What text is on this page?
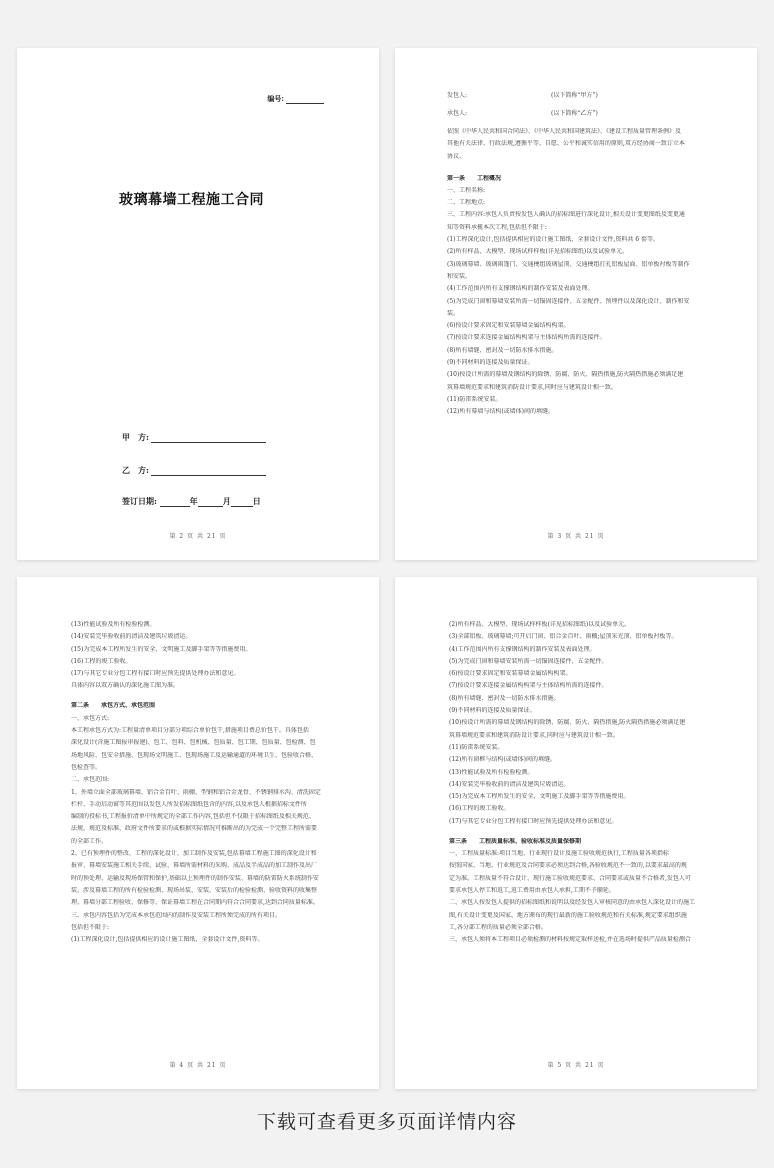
编号:
玻璃幕墙工程施工合同
甲　方:
乙　方:
签订日期:	年	月	日
第 2 页 共 21 页
发包人:	(以下简称“甲方”)
承包人:	(以下简称“乙方”)
依照《中华人民共和国合同法》、《中华人民共和国建筑法》、《建设工程质量管理条例》及
其他有关法律、行政法规,遵循平等、自愿、公平和诚实信用的原则,双方经协商一致订立本
协议。
第一条　　工程概况
一、工程名称:
二、工程地点:
三、工程内容:承包人负责按发包人确认的招标图进行深化设计,相关设计变更图纸及变更通
知等资料承揽本次工程,包括但不限于:
(1)工程深化设计,包括提供相应的设计施工图纸、全套设计文件,资料共 6 套等。
(2)所有样品、大模型、现场试样样板(详见招标图纸)以及试验单元。
(3)玻璃幕墙、玻璃雨篷门、交通梗组玻璃屋顶、交通梗组打孔铝板屋面、铝单板衬板等制作
和安装。
(4)工作范围内所有支撑钢结构的制作安装及表面处理。
(5)为完成门窗和幕墙安装所需一切锚固连接件、五金配件、预埋件以及深化设计、制作和安
装。
(6)按设计要求固定和安装幕墙金属结构构架。
(7)按设计要求连接金属结构构架与主体结构所需的连接件。
(8)所有墙缝、密封及一切防水排水措施。
(9)不同材料的连接及质量保证。
(10)按设计所需的幕墙及钢结构的除锈、防腐、防火、隔热措施,防火隔热措施必须满足建
筑幕墙规范要求和建筑消防设计要求,同时应与建筑设计相一致。
(11)防雷系统安装。
(12)所有幕墙与结构(或墙体)间的填缝。
第 3 页 共 21 页
(13)性能试验及所有检验检测。
(14)安装完毕验收前的清洁及建筑垃圾清运。
(15)为完成本工程所发生的安全、文明施工及脚手架等等措施费用。
(16)工程的竣工验收。
(17)与其它专业分包工程有接口时应预先提供处理办法和意见。
具体内容以双方确认的深化施工图为准。
第二条　　承包方式、承包范围
一、承包方式:
本工程承包方式为:工程量清单项目分部分项综合单价包干,措施项目费总价包干。具体包括
深化设计(含施工图报审报建)、包工、包料、包机械、包质量、包工期、包质量、包检测、包
场地风险、包安全措施、包现场文明施工、包现场施工及运输通道的环境卫生、包验收合格、
包检查等。
二、承包范围:
1、外墙立面全部玻璃幕墙、铝合金百叶、雨棚、型钢和铝合金龙骨、不锈钢排水沟、清洗固定
栏杆、手动启动窗等其范围以发包人所发招标图纸包含的内容,以及承包人根据招标文件所
编制的投标书,工程报价清单中所规定的全部工作内容,包括但不仅限于招标图纸及相关规范、
法规、规范及标准、政府文件所要求的或根据实际情况可推断出的为完成一个完整工程所需要
的全部工作。
2、已有预埋件的整改、工程的深化设计、加工制作及安装,包括幕墙工程施工图的深化设计和
报审、幕墙安装施工相关手续、试验、幕墙所需材料的采购、成品及半成品的加工制作及出厂
时的预处理、运输及现场保管和保护,基础以上预埋件的制作安装、幕墙的防雷防火系统制作安
装、涉及幕墙工程的所有检验检测、现场吊装、安装、安装后的检验检测、验收资料的收集整
理、幕墙分部工程验收、保修等、保证幕墙工程在合同期内符合合同要求,达到合同质量标准。
三、承包内容包括为完成本承包范围内的制作及安装工程所须完成的所有项目。
包括但不限于:
(1)工程深化设计,包括提供相应的设计施工图纸、全套设计文件,资料等。
第 4 页 共 21 页
(2)所有样品、大模型、现场试样样板(详见招标图纸)以及试验单元。
(3)全部铝板、玻璃幕墙;可开启门窗、铝合金百叶、雨棚;屋顶采光顶、铝单板衬板等。
(4)工作范围内所有支撑钢结构的制作安装及表面处理。
(5)为完成门窗和幕墙安装所需一切锚固连接件、五金配件。
(6)按设计要求固定和安装幕墙金属结构构架。
(7)按设计要求连接金属结构构架与主体结构所需的连接件。
(8)所有墙缝、密封及一切防水排水措施。
(9)不同材料的连接及质量保证。
(10)按设计所需的幕墙及钢结构的除锈、防腐、防火、隔热措施,防火隔热措施必须满足建
筑幕墙规范要求和建筑消防设计要求,同时应与建筑设计相一致。
(11)防雷系统安装。
(12)所有窗框与结构(或墙体)间的填缝。
(13)性能试验及所有检验检测。
(14)安装完毕验收前的清洁及建筑垃圾清运。
(15)为完成本工程所发生的安全、文明施工及脚手架等等措施费用。
(16)工程的竣工验收。
(17)与其它专业分包工程有接口时应预先提供处理办法和意见。
第三条　　工程质量标准、验收标准及质量保修期
一、工程质量标准:项目当地、行业现行设计及施工验收规范执行,工程质量各项指标
按照国家、当地、行业规范及合同要求必须达到合格,各验收规范不一致的,以要求最高的规
定为准。工程质量不符合设计、现行施工验收规范要求、合同要求或质量不合格者,发包人可
要求承包人停工和返工,返工费用由承包人承担,工期不予顺延。
二、承包人按发包人提供的招标图纸和说明以及经发包人审核同意的由承包人深化设计的施工
图,有关设计变更及国家、地方颁布的现行最新的施工验收规范和有关标准,规定要求组织施
工,各分部工程的质量必须全部合格。
三、承包人须将本工程项目必须检测的材料按规定取样送检,并在选场时提供产品质量检测合
第 5 页 共 21 页
下载可查看更多页面详情内容
